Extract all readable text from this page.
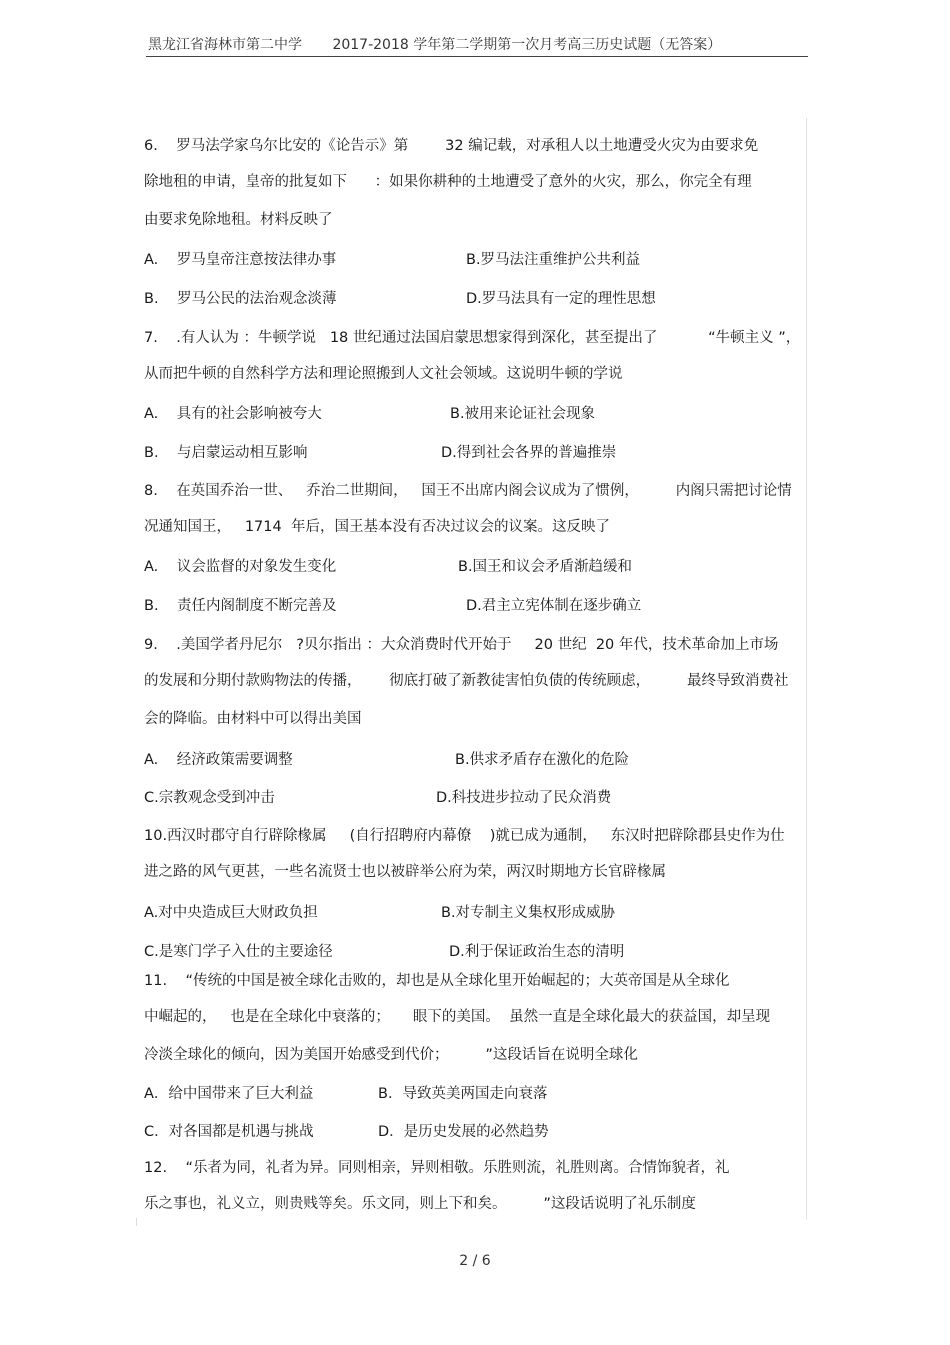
黑龙江省海林市第二中学 2017-2018 学年第二学期第一次月考高三历史试题（无答案）
6.    罗马法学家乌尔比安的《论告示》第        32 编记载，对承租人以土地遭受火灾为由要求免
除地租的申请，皇帝的批复如下      ：如果你耕种的土地遭受了意外的火灾，那么，你完全有理
由要求免除地租。材料反映了
A.    罗马皇帝注意按法律办事	B.罗马法注重维护公共利益
B.    罗马公民的法治观念淡薄	D.罗马法具有一定的理性思想
7.    .有人认为 ：牛顿学说   18 世纪通过法国启蒙思想家得到深化，甚至提出了           “牛顿主义 ”，
从而把牛顿的自然科学方法和理论照搬到人文社会领域。这说明牛顿的学说
A.    具有的社会影响被夸大	B.被用来论证社会现象
B.    与启蒙运动相互影响	D.得到社会各界的普遍推崇
8.    在英国乔治一世、   乔治二世期间，   国王不出席内阁会议成为了惯例，        内阁只需把讨论情
况通知国王，   1714  年后，国王基本没有否决过议会的议案。这反映了
A.    议会监督的对象发生变化	B.国王和议会矛盾渐趋缓和
B.    责任内阁制度不断完善及	D.君主立宪体制在逐步确立
9.    .美国学者丹尼尔   ?贝尔指出 ：大众消费时代开始于     20 世纪  20 年代，技术革命加上市场
的发展和分期付款购物法的传播，      彻底打破了新教徒害怕负债的传统顾虑，        最终导致消费社
会的降临。由材料中可以得出美国
A.    经济政策需要调整	B.供求矛盾存在激化的危险
C.宗教观念受到冲击	D.科技进步拉动了民众消费
10.西汉时郡守自行辟除椽属     (自行招聘府内幕僚    )就已成为通制，   东汉时把辟除郡县史作为仕
进之路的风气更甚，一些名流贤士也以被辟举公府为荣，两汉时期地方长官辟椽属
A.对中央造成巨大财政负担	B.对专制主义集权形成威胁
C.是寒门学子入仕的主要途径	D.利于保证政治生态的清明
11.    “传统的中国是被全球化击败的，却也是从全球化里开始崛起的；大英帝国是从全球化
中崛起的，   也是在全球化中衰落的；     眼下的美国。  虽然一直是全球化最大的获益国，却呈现
冷淡全球化的倾向，因为美国开始感受到代价；        ”这段话旨在说明全球化
A．给中国带来了巨大利益	B．导致英美两国走向衰落
C．对各国都是机遇与挑战	D．是历史发展的必然趋势
12.    “乐者为同，礼者为异。同则相亲，异则相敬。乐胜则流，礼胜则离。合情饰貌者，礼
乐之事也，礼义立，则贵贱等矣。乐文同，则上下和矣。        ”这段话说明了礼乐制度
2 / 6
